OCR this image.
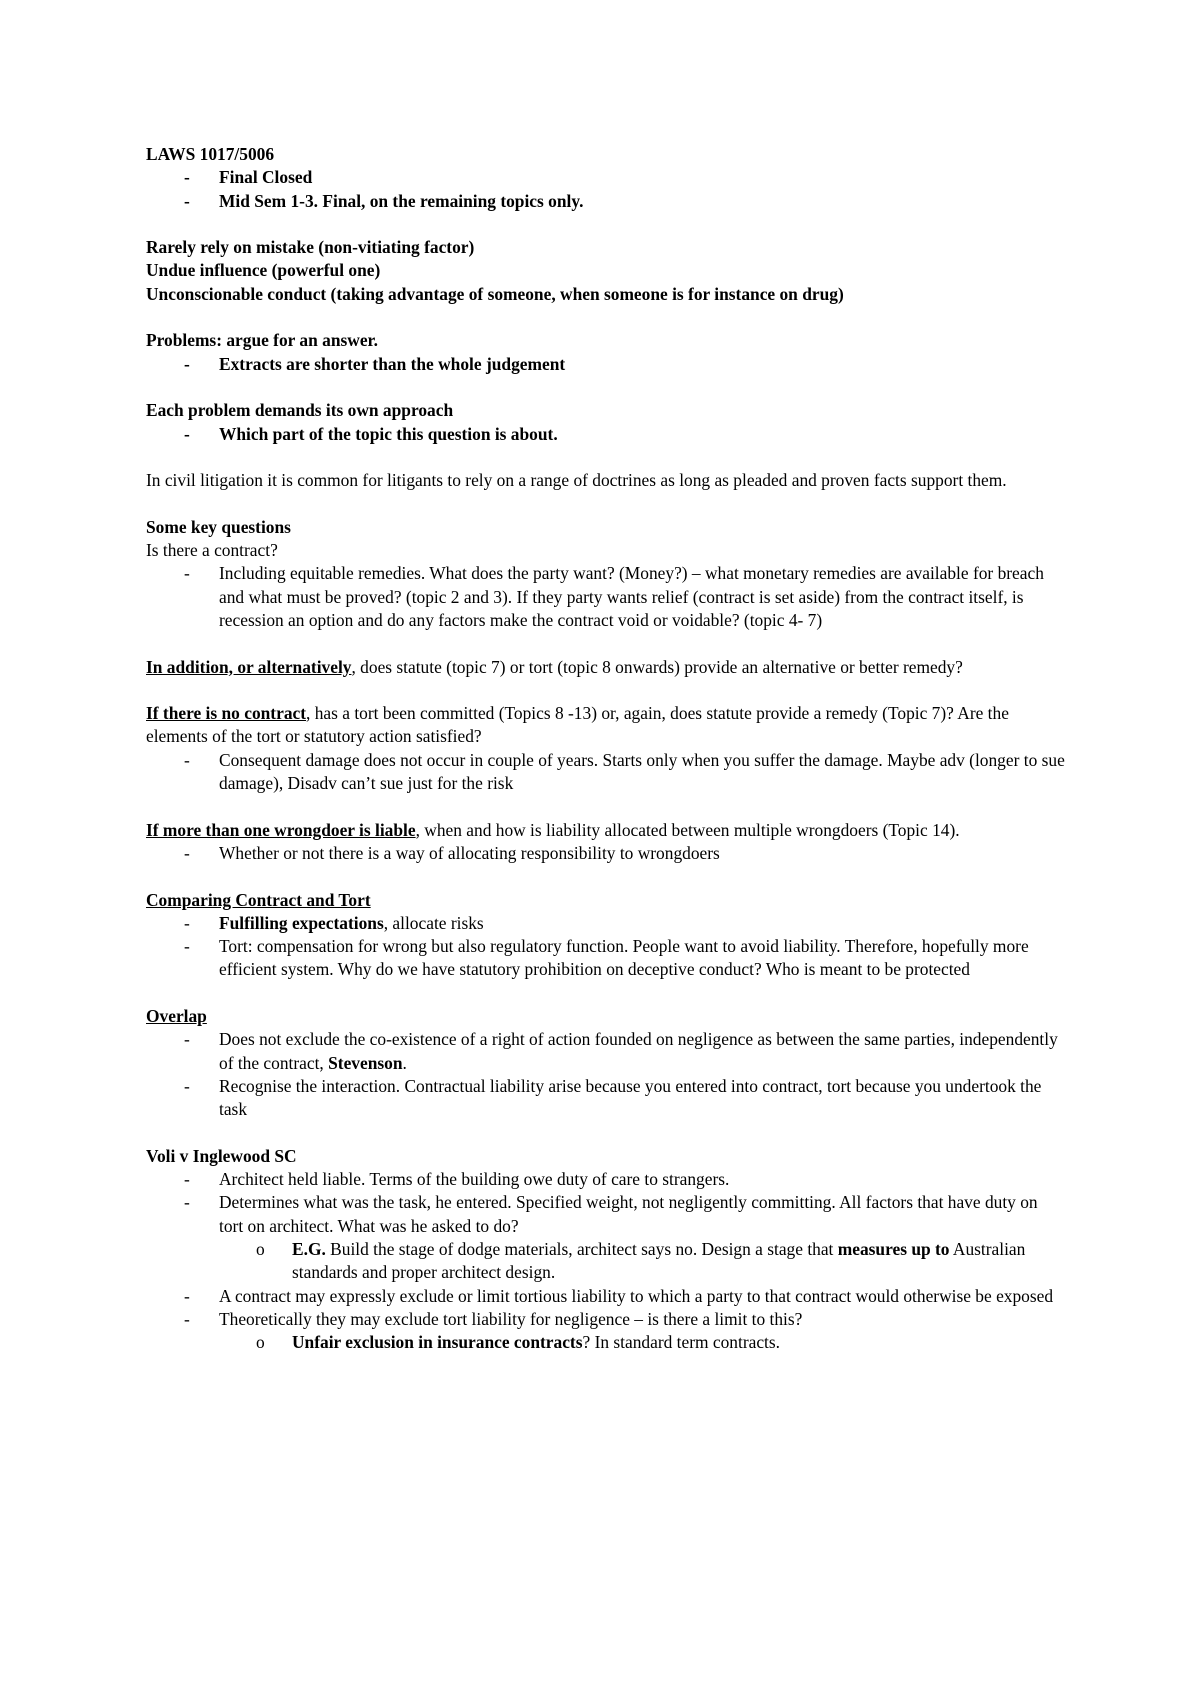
LAWS 1017/5006
- Final Closed
- Mid Sem 1-3. Final, on the remaining topics only.
Rarely rely on mistake (non-vitiating factor)
Undue influence (powerful one)
Unconscionable conduct (taking advantage of someone, when someone is for instance on drug)
Problems: argue for an answer.
- Extracts are shorter than the whole judgement
Each problem demands its own approach
- Which part of the topic this question is about.

In civil litigation it is common for litigants to rely on a range of doctrines as long as pleaded and proven facts support them.

Some key questions
Is there a contract?
- Including equitable remedies. What does the party want? (Money?) – what monetary remedies are available for breach and what must be proved? (topic 2 and 3). If they party wants relief (contract is set aside) from the contract itself, is recession an option and do any factors make the contract void or voidable? (topic 4- 7)

In addition, or alternatively, does statute (topic 7) or tort (topic 8 onwards) provide an alternative or better remedy?

If there is no contract, has a tort been committed (Topics 8 -13) or, again, does statute provide a remedy (Topic 7)? Are the elements of the tort or statutory action satisfied?

- Consequent damage does not occur in couple of years. Starts only when you suffer the damage. Maybe adv (longer to sue damage), Disadv can’t sue just for the risk

If more than one wrongdoer is liable, when and how is liability allocated between multiple wrongdoers (Topic 14).

- Whether or not there is a way of allocating responsibility to wrongdoers
Comparing Contract and Tort
- Fulfilling expectations, allocate risks
- Tort: compensation for wrong but also regulatory function. People want to avoid liability. Therefore, hopefully more efficient system. Why do we have statutory prohibition on deceptive conduct? Who is meant to be protected
Overlap
- Does not exclude the co-existence of a right of action founded on negligence as between the same parties, independently of the contract, Stevenson.
- Recognise the interaction. Contractual liability arise because you entered into contract, tort because you undertook the task
Voli v Inglewood SC
- Architect held liable. Terms of the building owe duty of care to strangers.
- Determines what was the task, he entered. Specified weight, not negligently committing. All factors that have duty on tort on architect. What was he asked to do?
o E.G. Build the stage of dodge materials, architect says no. Design a stage that measures up to Australian standards and proper architect design.
- A contract may expressly exclude or limit tortious liability to which a party to that contract would otherwise be exposed
- Theoretically they may exclude tort liability for negligence – is there a limit to this?
o Unfair exclusion in insurance contracts? In standard term contracts.
